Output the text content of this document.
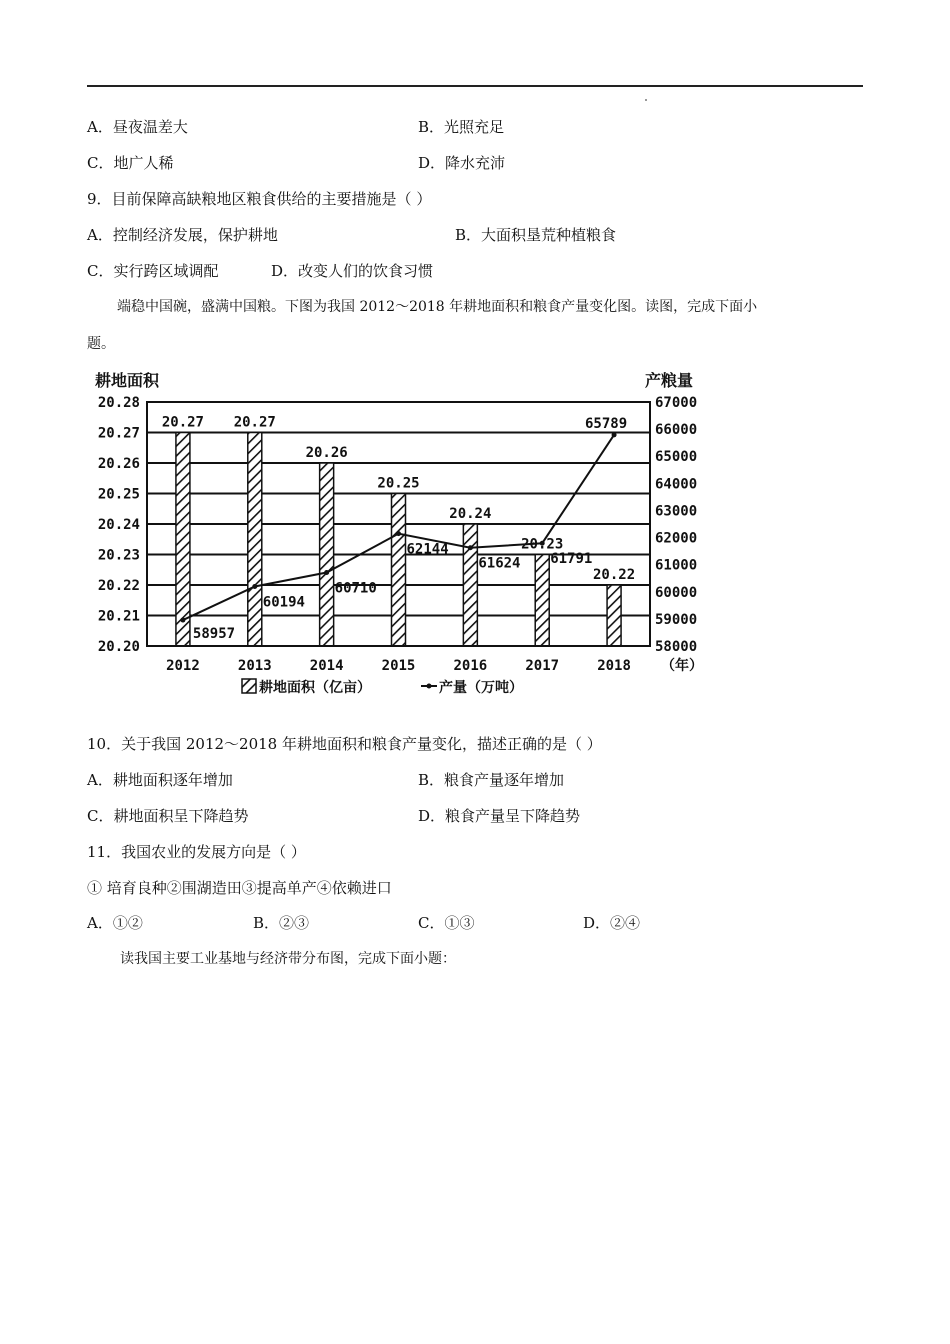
A．昼夜温差大	B．光照充足
C．地广人稀	D．降水充沛
9．目前保障高缺粮地区粮食供给的主要措施是（ ）
A．控制经济发展，保护耕地	B．大面积垦荒种植粮食
C．实行跨区域调配	D．改变人们的饮食习惯
端稳中国碗，盛满中国粮。下图为我国 2012～2018 年耕地面积和粮食产量变化图。读图，完成下面小
题。
20.27 20.27
20.26
20.25
20.24
20.23
20.22
58957
60194
60710
62144
61624 61791
65789
20.28
20.27
20.26
20.25
20.24
20.23
20.22
20.21
20.20
67000
66000
65000
64000
63000
62000
61000
60000
59000
58000
2012	2013	2014	2015	2016	2017	2018
耕地面积	产粮量
（年）
耕地面积（亿亩）	产量（万吨）
10．关于我国 2012～2018 年耕地面积和粮食产量变化，描述正确的是（ ）
A．耕地面积逐年增加	B．粮食产量逐年增加
C．耕地面积呈下降趋势	D．粮食产量呈下降趋势
11．我国农业的发展方向是（ ）
① 培育良种②围湖造田③提高单产④依赖进口
A．①②	B．②③	C．①③	D．②④
读我国主要工业基地与经济带分布图，完成下面小题：
